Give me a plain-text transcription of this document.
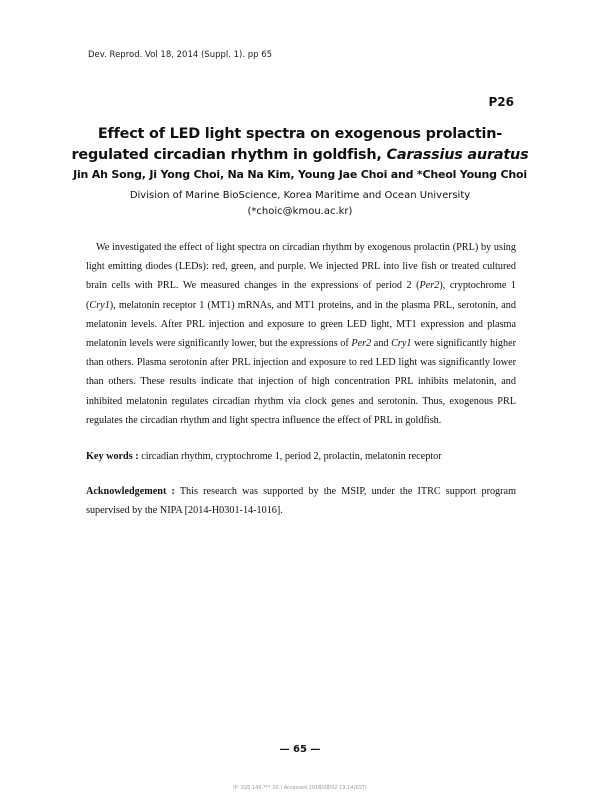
Dev. Reprod. Vol 18, 2014 (Suppl. 1). pp 65
P26
Effect of LED light spectra on exogenous prolactin-regulated circadian rhythm in goldfish, Carassius auratus
Jin Ah Song, Ji Yong Choi, Na Na Kim, Young Jae Choi and *Cheol Young Choi
Division of Marine BioScience, Korea Maritime and Ocean University
(*choic@kmou.ac.kr)

We investigated the effect of light spectra on circadian rhythm by exogenous prolactin (PRL) by using light emitting diodes (LEDs): red, green, and purple. We injected PRL into live fish or treated cultured brain cells with PRL. We measured changes in the expressions of period 2 (Per2), cryptochrome 1 (Cry1), melatonin receptor 1 (MT1) mRNAs, and MT1 proteins, and in the plasma PRL, serotonin, and melatonin levels. After PRL injection and exposure to green LED light, MT1 expression and plasma melatonin levels were significantly lower, but the expressions of Per2 and Cry1 were significantly higher than others. Plasma serotonin after PRL injection and exposure to red LED light was significantly lower than others. These results indicate that injection of high concentration PRL inhibits melatonin, and inhibited melatonin regulates circadian rhythm via clock genes and serotonin. Thus, exogenous PRL regulates the circadian rhythm and light spectra influence the effect of PRL in goldfish.

Key words : circadian rhythm, cryptochrome 1, period 2, prolactin, melatonin receptor
Acknowledgement : This research was supported by the MSIP, under the ITRC support program supervised by the NIPA [2014-H0301-14-1016].
— 65 —
IP: 220.149.*** 10.) Accessed 2018/08/02 13:14(KST)
